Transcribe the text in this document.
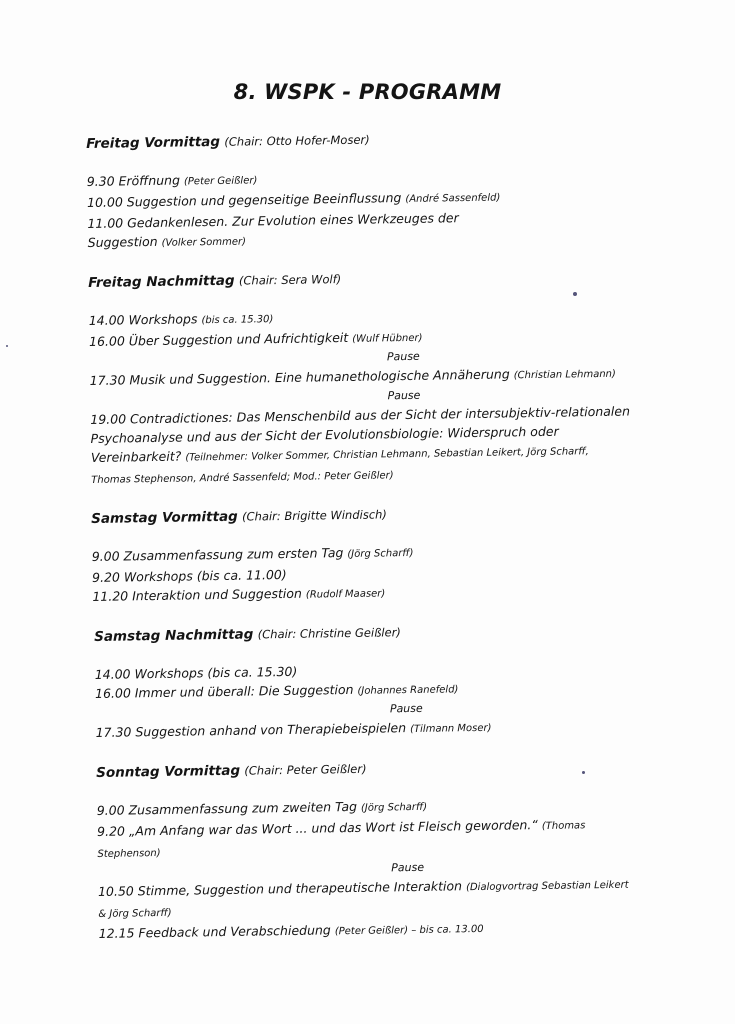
8. WSPK - PROGRAMM
Freitag Vormittag (Chair: Otto Hofer-Moser)
9.30 Eröffnung (Peter Geißler)
10.00 Suggestion und gegenseitige Beeinflussung (André Sassenfeld)
11.00 Gedankenlesen. Zur Evolution eines Werkzeuges der
Suggestion (Volker Sommer)
Freitag Nachmittag (Chair: Sera Wolf)
14.00 Workshops (bis ca. 15.30)
16.00 Über Suggestion und Aufrichtigkeit (Wulf Hübner)
Pause
17.30 Musik und Suggestion. Eine humanethologische Annäherung (Christian Lehmann)
Pause
19.00 Contradictiones: Das Menschenbild aus der Sicht der intersubjektiv-relationalen
Psychoanalyse und aus der Sicht der Evolutionsbiologie: Widerspruch oder
Vereinbarkeit? (Teilnehmer: Volker Sommer, Christian Lehmann, Sebastian Leikert, Jörg Scharff,
Thomas Stephenson, André Sassenfeld; Mod.: Peter Geißler)
Samstag Vormittag (Chair: Brigitte Windisch)
9.00 Zusammenfassung zum ersten Tag (Jörg Scharff)
9.20 Workshops (bis ca. 11.00)
11.20 Interaktion und Suggestion (Rudolf Maaser)
Samstag Nachmittag (Chair: Christine Geißler)
14.00 Workshops (bis ca. 15.30)
16.00 Immer und überall: Die Suggestion (Johannes Ranefeld)
Pause
17.30 Suggestion anhand von Therapiebeispielen (Tilmann Moser)
Sonntag Vormittag (Chair: Peter Geißler)
9.00 Zusammenfassung zum zweiten Tag (Jörg Scharff)
9.20 „Am Anfang war das Wort ... und das Wort ist Fleisch geworden.“ (Thomas
Stephenson)
Pause
10.50 Stimme, Suggestion und therapeutische Interaktion (Dialogvortrag Sebastian Leikert
& Jörg Scharff)
12.15 Feedback und Verabschiedung (Peter Geißler) – bis ca. 13.00
